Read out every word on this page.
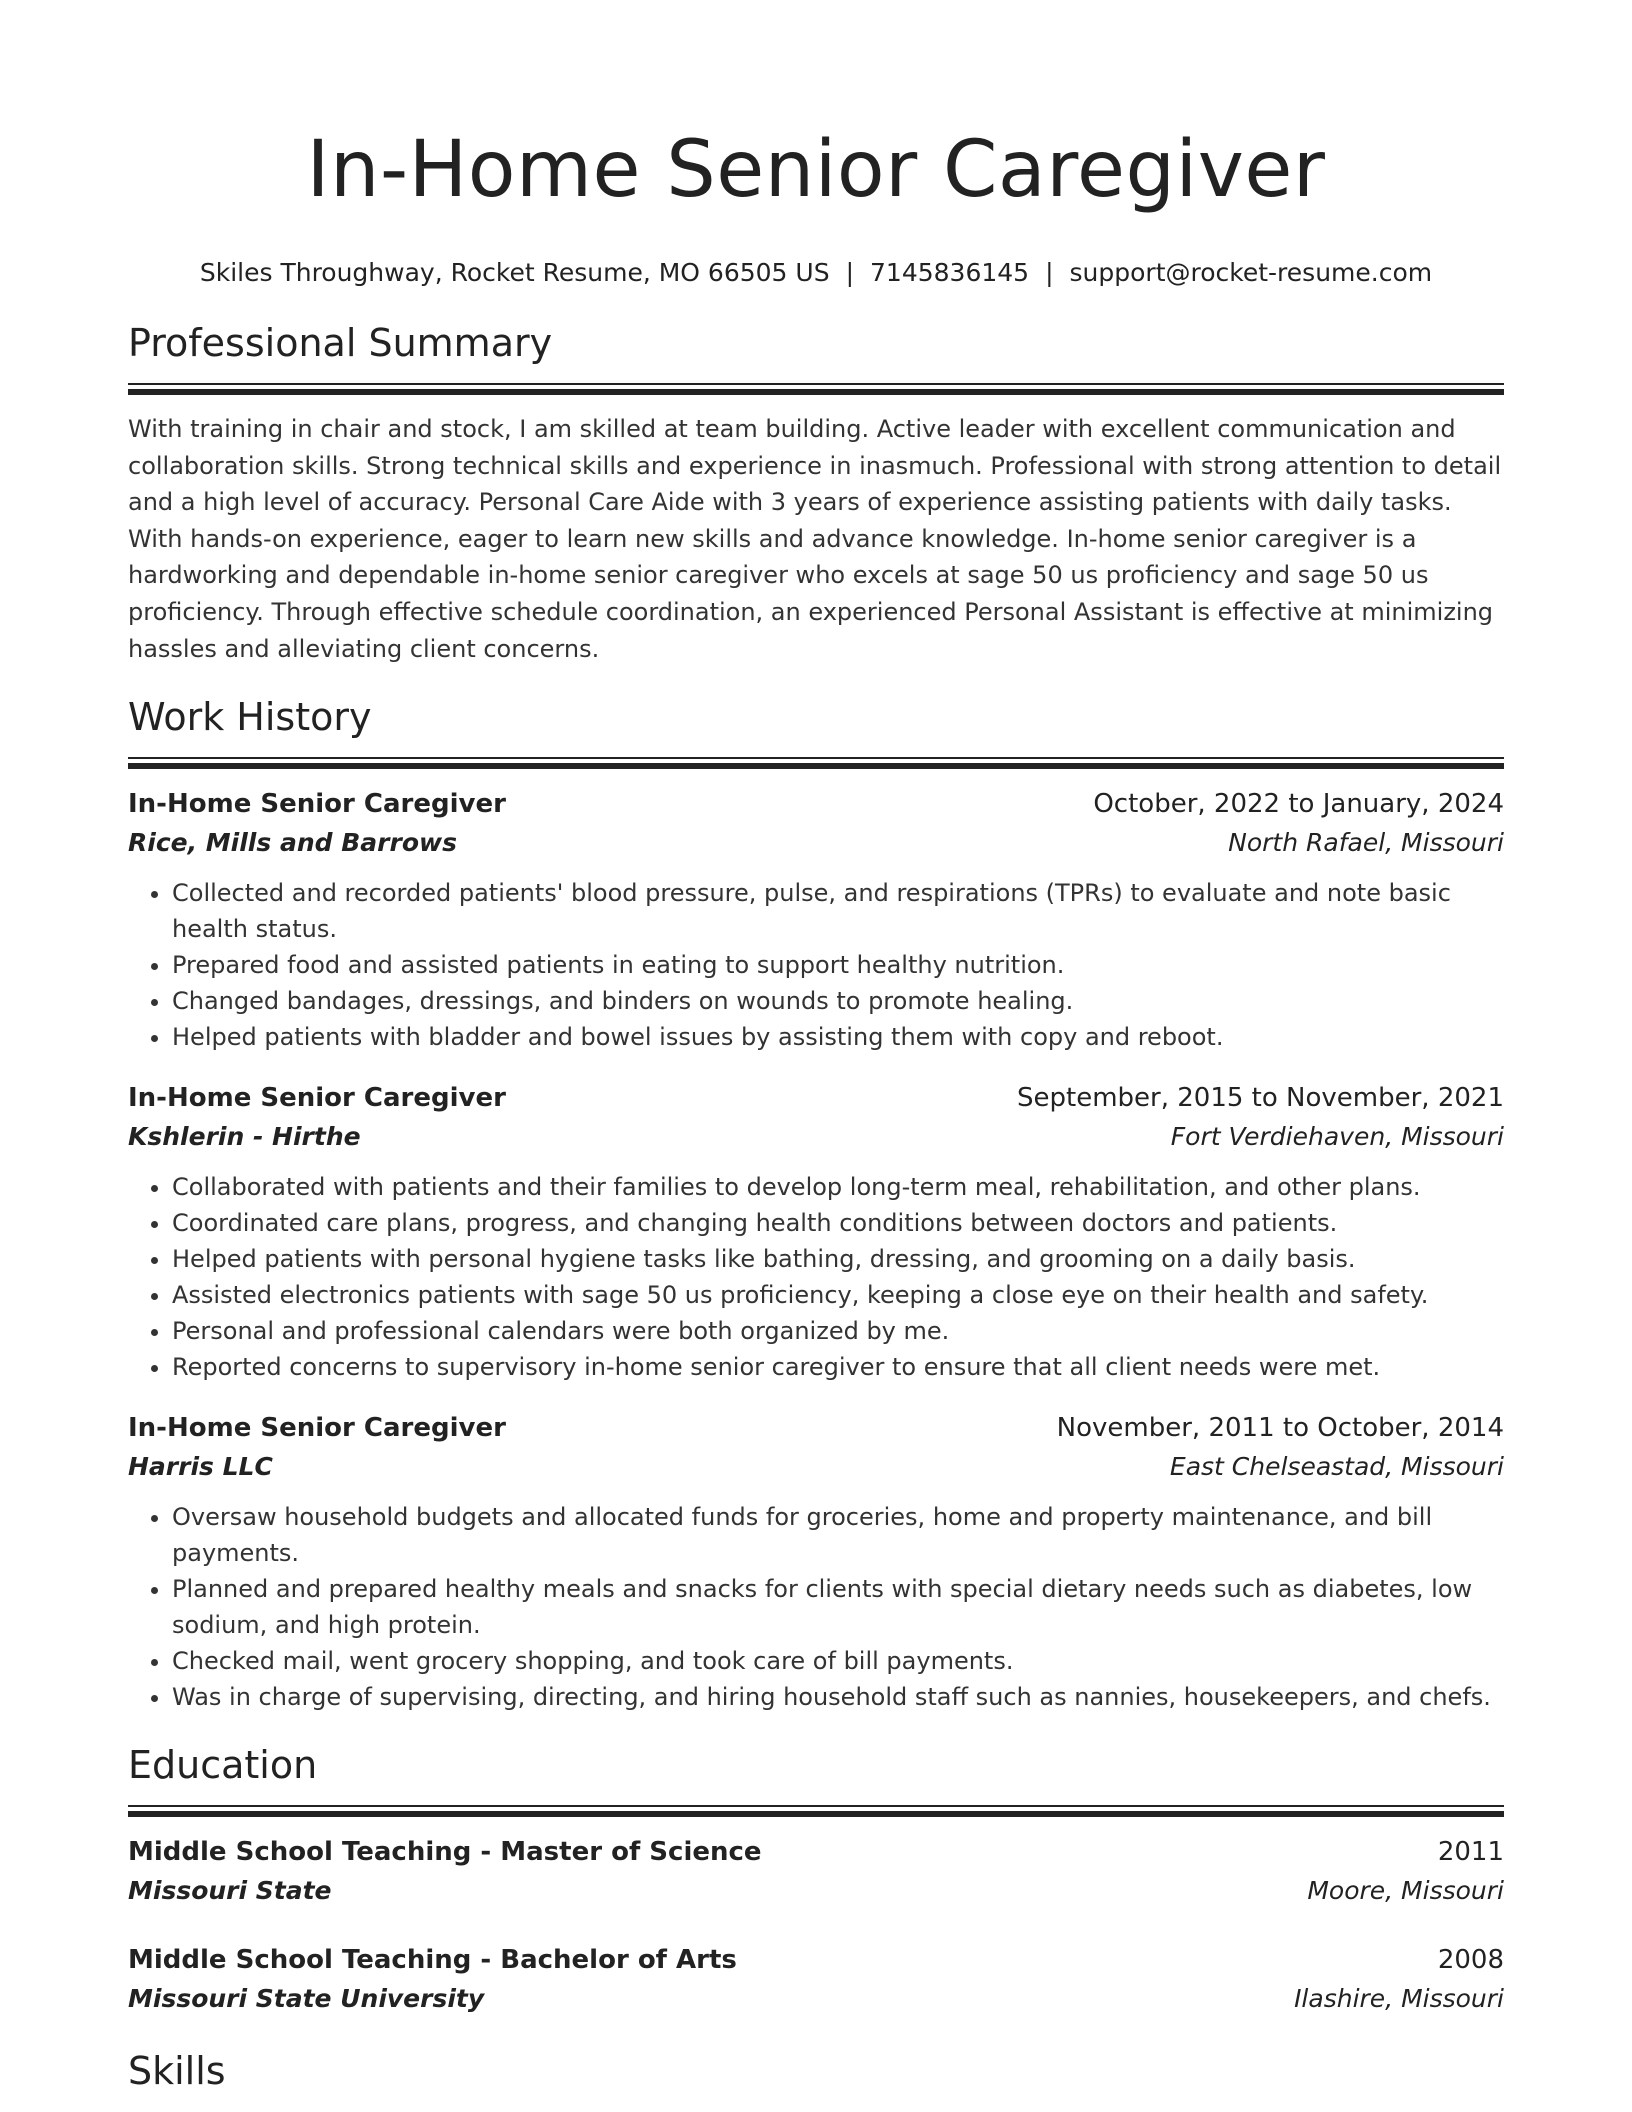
In-Home Senior Caregiver
Skiles Throughway, Rocket Resume, MO 66505 US | 7145836145 | support@rocket-resume.com
Professional Summary
With training in chair and stock, I am skilled at team building. Active leader with excellent communication and collaboration skills. Strong technical skills and experience in inasmuch. Professional with strong attention to detail and a high level of accuracy. Personal Care Aide with 3 years of experience assisting patients with daily tasks. With hands-on experience, eager to learn new skills and advance knowledge. In-home senior caregiver is a hardworking and dependable in-home senior caregiver who excels at sage 50 us proficiency and sage 50 us proficiency. Through effective schedule coordination, an experienced Personal Assistant is effective at minimizing hassles and alleviating client concerns.
Work History
In-Home Senior Caregiver	October, 2022 to January, 2024
Rice, Mills and Barrows	North Rafael, Missouri
• Collected and recorded patients' blood pressure, pulse, and respirations (TPRs) to evaluate and note basic health status.
• Prepared food and assisted patients in eating to support healthy nutrition.
• Changed bandages, dressings, and binders on wounds to promote healing.
• Helped patients with bladder and bowel issues by assisting them with copy and reboot.
In-Home Senior Caregiver	September, 2015 to November, 2021
Kshlerin - Hirthe	Fort Verdiehaven, Missouri
• Collaborated with patients and their families to develop long-term meal, rehabilitation, and other plans.
• Coordinated care plans, progress, and changing health conditions between doctors and patients.
• Helped patients with personal hygiene tasks like bathing, dressing, and grooming on a daily basis.
• Assisted electronics patients with sage 50 us proficiency, keeping a close eye on their health and safety.
• Personal and professional calendars were both organized by me.
• Reported concerns to supervisory in-home senior caregiver to ensure that all client needs were met.
In-Home Senior Caregiver	November, 2011 to October, 2014
Harris LLC	East Chelseastad, Missouri
• Oversaw household budgets and allocated funds for groceries, home and property maintenance, and bill payments.
• Planned and prepared healthy meals and snacks for clients with special dietary needs such as diabetes, low sodium, and high protein.
• Checked mail, went grocery shopping, and took care of bill payments.
• Was in charge of supervising, directing, and hiring household staff such as nannies, housekeepers, and chefs.
Education
Middle School Teaching - Master of Science	2011
Missouri State	Moore, Missouri
Middle School Teaching - Bachelor of Arts	2008
Missouri State University	Ilashire, Missouri
Skills
